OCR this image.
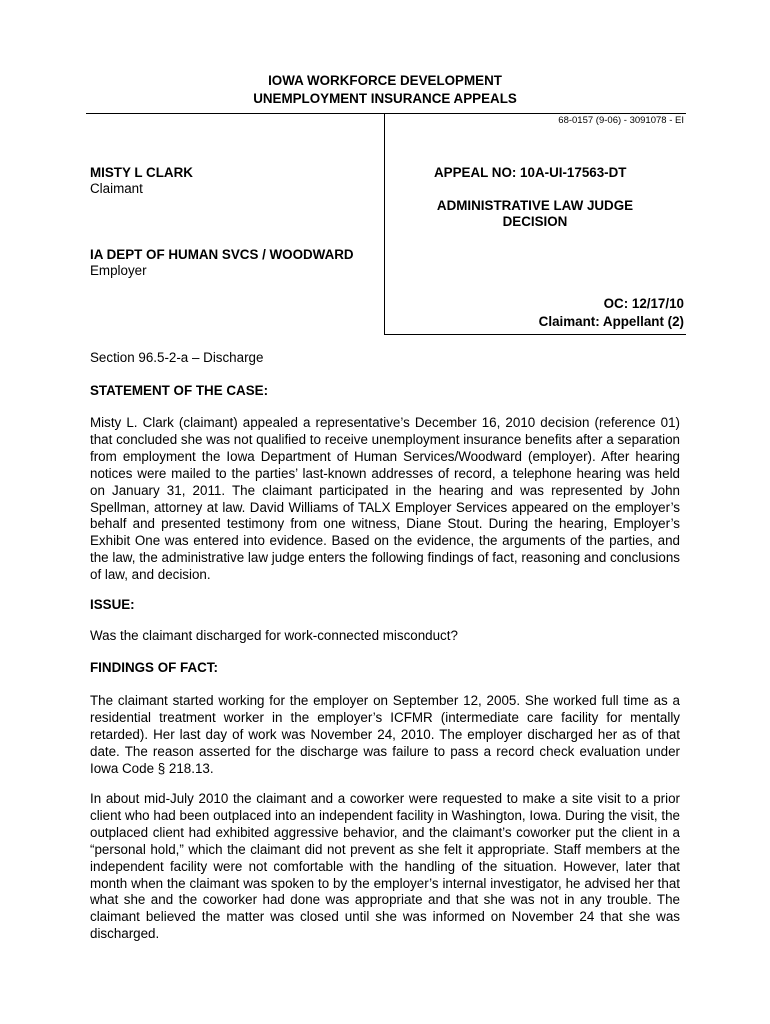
IOWA WORKFORCE DEVELOPMENT
UNEMPLOYMENT INSURANCE APPEALS
68-0157 (9-06) - 3091078 - EI
MISTY L CLARK
Claimant
IA DEPT OF HUMAN SVCS / WOODWARD
Employer
APPEAL NO: 10A-UI-17563-DT
ADMINISTRATIVE LAW JUDGE
DECISION
OC: 12/17/10
Claimant: Appellant (2)
Section 96.5-2-a – Discharge
STATEMENT OF THE CASE:
Misty L. Clark (claimant) appealed a representative’s December 16, 2010 decision (reference 01) that concluded she was not qualified to receive unemployment insurance benefits after a separation from employment the Iowa Department of Human Services/Woodward (employer). After hearing notices were mailed to the parties’ last-known addresses of record, a telephone hearing was held on January 31, 2011. The claimant participated in the hearing and was represented by John Spellman, attorney at law. David Williams of TALX Employer Services appeared on the employer’s behalf and presented testimony from one witness, Diane Stout. During the hearing, Employer’s Exhibit One was entered into evidence. Based on the evidence, the arguments of the parties, and the law, the administrative law judge enters the following findings of fact, reasoning and conclusions of law, and decision.
ISSUE:
Was the claimant discharged for work-connected misconduct?
FINDINGS OF FACT:
The claimant started working for the employer on September 12, 2005. She worked full time as a residential treatment worker in the employer’s ICFMR (intermediate care facility for mentally retarded). Her last day of work was November 24, 2010. The employer discharged her as of that date. The reason asserted for the discharge was failure to pass a record check evaluation under Iowa Code § 218.13.
In about mid-July 2010 the claimant and a coworker were requested to make a site visit to a prior client who had been outplaced into an independent facility in Washington, Iowa. During the visit, the outplaced client had exhibited aggressive behavior, and the claimant’s coworker put the client in a “personal hold,” which the claimant did not prevent as she felt it appropriate. Staff members at the independent facility were not comfortable with the handling of the situation. However, later that month when the claimant was spoken to by the employer’s internal investigator, he advised her that what she and the coworker had done was appropriate and that she was not in any trouble. The claimant believed the matter was closed until she was informed on November 24 that she was discharged.
